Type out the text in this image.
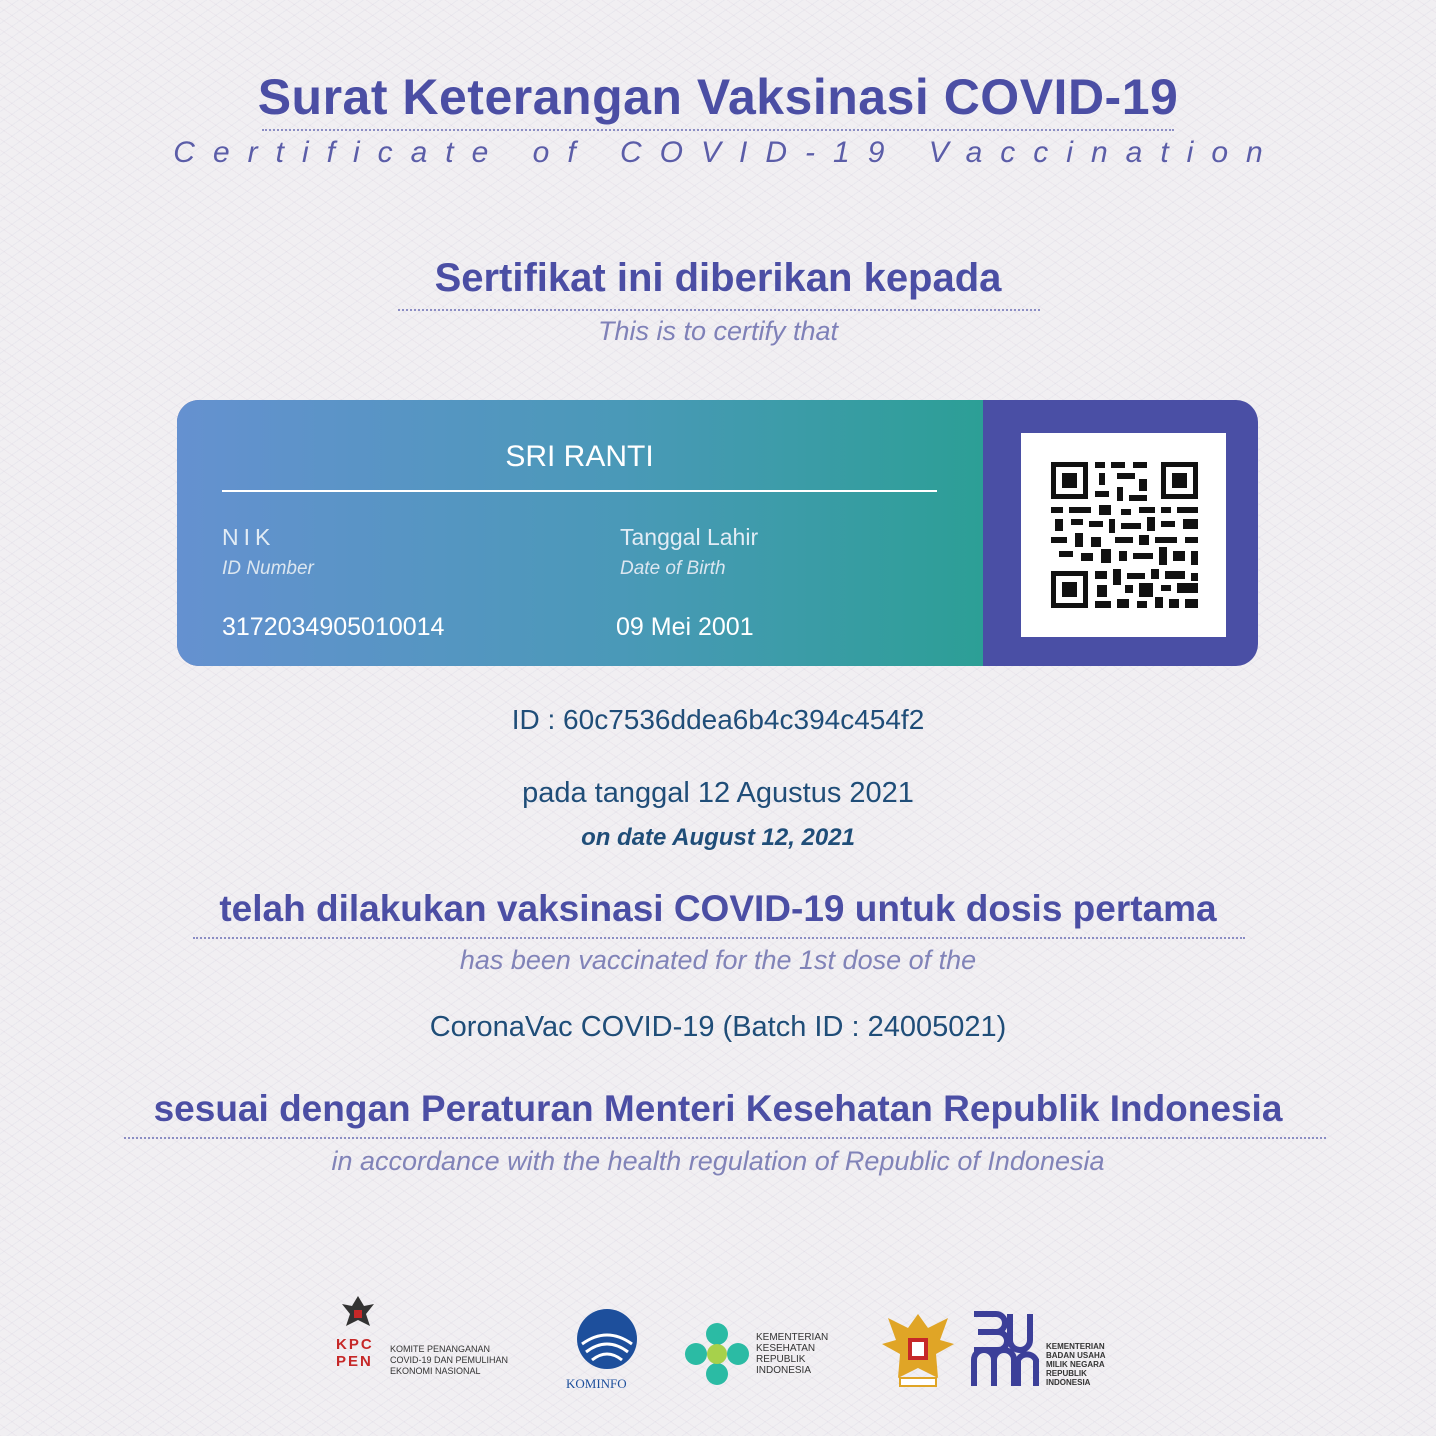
Surat Keterangan Vaksinasi COVID-19
Certificate of COVID-19 Vaccination
Sertifikat ini diberikan kepada
This is to certify that
SRI RANTI
NIK
ID Number
3172034905010014
Tanggal Lahir
Date of Birth
09 Mei 2001
ID : 60c7536ddea6b4c394c454f2
pada tanggal 12 Agustus 2021
on date August 12, 2021
telah dilakukan vaksinasi COVID-19 untuk dosis pertama
has been vaccinated for the 1st dose of the
CoronaVac COVID-19 (Batch ID : 24005021)
sesuai dengan Peraturan Menteri Kesehatan Republik Indonesia
in accordance with the health regulation of Republic of Indonesia
KPC
PEN
KOMITE PENANGANAN
COVID-19 DAN PEMULIHAN
EKONOMI NASIONAL
KOMINFO
KEMENTERIAN
KESEHATAN
REPUBLIK
INDONESIA
KEMENTERIAN
BADAN USAHA
MILIK NEGARA
REPUBLIK
INDONESIA
